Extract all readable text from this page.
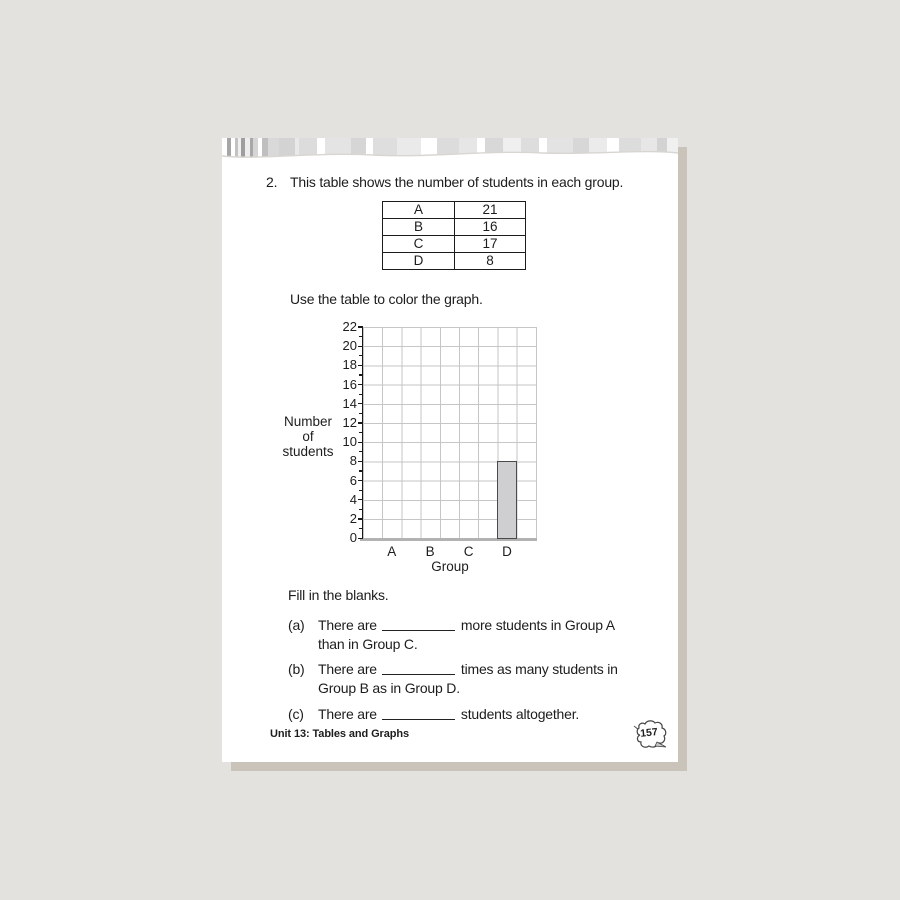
2. This table shows the number of students in each group.
A	21
B	16
C	17
D	8
Use the table to color the graph.
Number
of
students
Group
0
2
4
6
8
10
12
14
16
18
20
22
A	B	C	D
Fill in the blanks.
(a) There are	more students in Group A
than in Group C.
(b) There are	times as many students in
Group B as in Group D.
(c)	There are	students altogether.
Unit 13: Tables and Graphs	157
